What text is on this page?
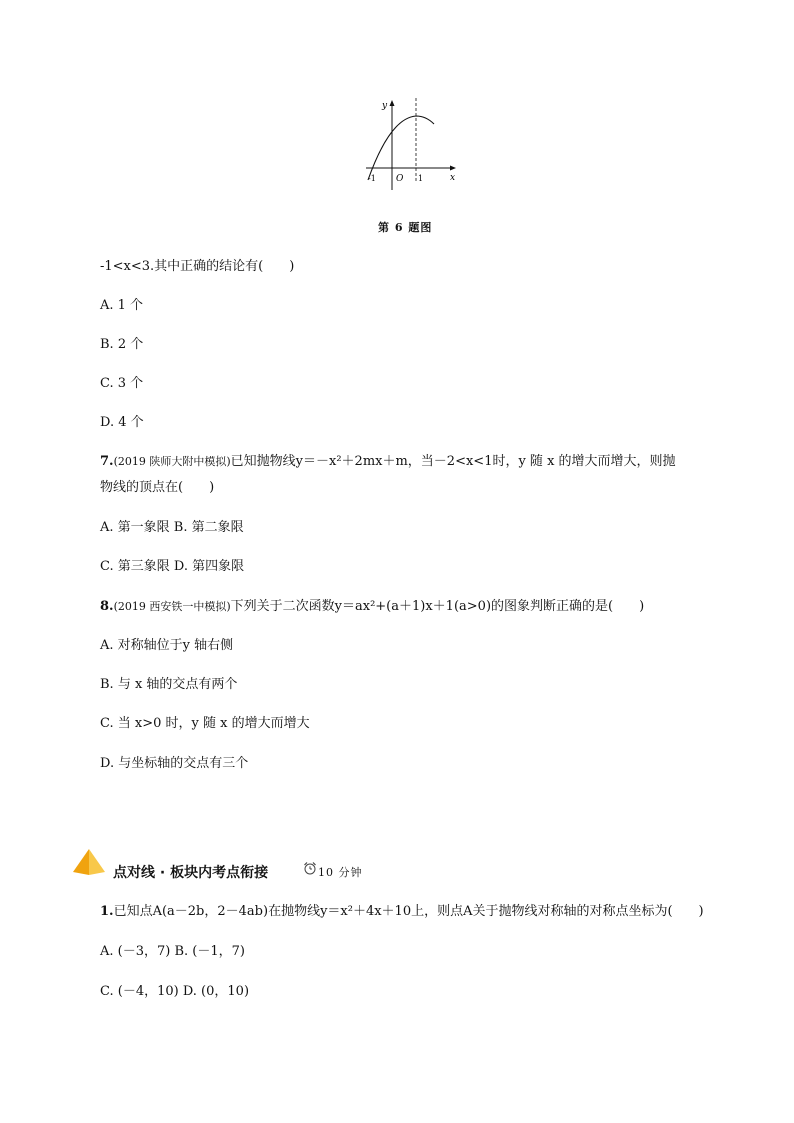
y
x
O
-1	1
第 6 题图
-1<x<3.其中正确的结论有(　　)
A. 1 个
B. 2 个
C. 3 个
D. 4 个
7.(2019 陕师大附中模拟)已知抛物线y＝－x²＋2mx＋m，当－2<x<1时，y 随 x 的增大而增大，则抛
物线的顶点在(　　)
A. 第一象限 B. 第二象限
C. 第三象限 D. 第四象限
8.(2019 西安铁一中模拟)下列关于二次函数y＝ax²+(a＋1)x＋1(a>0)的图象判断正确的是(　　)
A. 对称轴位于y 轴右侧
B. 与 x 轴的交点有两个
C. 当 x>0 时，y 随 x 的增大而增大
D. 与坐标轴的交点有三个
点对线 · 板块内考点衔接	10 分钟
1.已知点A(a－2b，2－4ab)在抛物线y＝x²＋4x＋10上，则点A关于抛物线对称轴的对称点坐标为(　　)
A. (－3，7) B. (－1，7)
C. (－4，10) D. (0，10)
